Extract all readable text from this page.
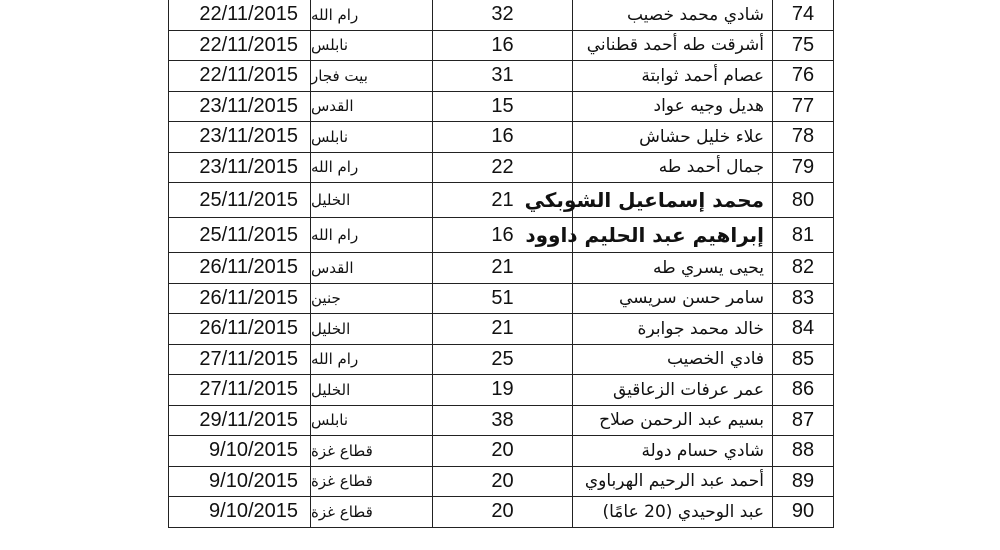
22/11/2015 رام الله	32	شادي محمد خصيب	74
22/11/2015 نابلس	16	أشرقت طه أحمد قطناني	75
22/11/2015 بيت فجار	31	عصام أحمد ثوابتة	76
23/11/2015 القدس	15	هديل وجيه عواد	77
23/11/2015 نابلس	16	علاء خليل حشاش	78
23/11/2015 رام الله	22	جمال أحمد طه	79
25/11/2015 الخليل	21 محمد إسماعيل الشوبكي	80
25/11/2015 رام الله	16 إبراهيم عبد الحليم داوود	81
26/11/2015 القدس	21	يحيى يسري طه	82
26/11/2015 جنين	51	سامر حسن سريسي	83
26/11/2015 الخليل	21	خالد محمد جوابرة	84
27/11/2015 رام الله	25	فادي الخصيب	85
27/11/2015 الخليل	19	عمر عرفات الزعاقيق	86
29/11/2015 نابلس	38	بسيم عبد الرحمن صلاح	87
9/10/2015 قطاع غزة	20	شادي حسام دولة	88
9/10/2015 قطاع غزة	20	أحمد عبد الرحيم الهرباوي	89
9/10/2015 قطاع غزة	20	عبد الوحيدي (20 عامًا)	90
